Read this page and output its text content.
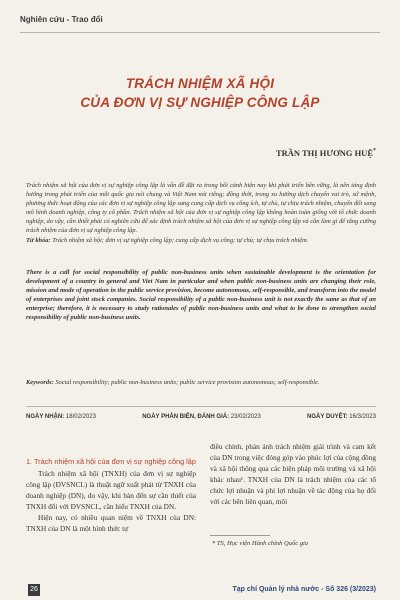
Nghiên cứu - Trao đổi
TRÁCH NHIỆM XÃ HỘI
CỦA ĐƠN VỊ SỰ NGHIỆP CÔNG LẬP
TRẦN THỊ HƯƠNG HUỆ*

Trách nhiệm xã hội của đơn vị sự nghiệp công lập là vấn đề đặt ra trong bối cảnh hiện nay khi phát triển bền vững, là nền tảng định hướng trong phát triển của mỗi quốc gia nói chung và Việt Nam nói riêng; đồng thời, trong xu hướng dịch chuyển vai trò, sứ mệnh, phương thức hoạt động của các đơn vị sự nghiệp công lập sang cung cấp dịch vụ công ích, tự chủ, tự chịu trách nhiệm, chuyển đổi sang mô hình doanh nghiệp, công ty cổ phần. Trách nhiệm xã hội của đơn vị sự nghiệp công lập không hoàn toàn giống với tổ chức doanh nghiệp, do vậy, cần thiết phải có nghiên cứu để xác định trách nhiệm xã hội của đơn vị sự nghiệp công lập và cần làm gì để tăng cường trách nhiệm của đơn vị sự nghiệp công lập.

Từ khóa: Trách nhiệm xã hội; đơn vị sự nghiệp công lập; cung cấp dịch vụ công; tự chủ; tự chịu trách nhiệm.

There is a call for social responsibility of public non-business units when sustainable development is the orientation for development of a country in general and Viet Nam in particular and when public non-business units are changing their role, mission and mode of operation in the public service provision, become autonomous, self-responsible, and transform into the model of enterprises and joint stock companies. Social responsibility of a public non-business unit is not exactly the same as that of an enterprise; therefore, it is necessary to study rationales of public non-business units and what to be done to strengthen social responsibility of public non-business units.
Keywords: Social responsibility; public non-business units; public service provision autonomous; self-responsible.
NGÀY NHẬN: 18/02/2023	NGÀY PHẢN BIỆN, ĐÁNH GIÁ: 23/02/2023	NGÀY DUYỆT: 16/3/2023
1. Trách nhiệm xã hội của đơn vị sự nghiệp công lập

Trách nhiệm xã hội (TNXH) của đơn vị sự nghiệp công lập (ĐVSNCL) là thuật ngữ xuất phát từ TNXH của doanh nghiệp (DN), do vậy, khi bàn đến sự cần thiết của TNXH đối với ĐVSNCL, cần hiểu TNXH của DN.

Hiện nay, có nhiều quan niệm về TNXH của DN: TNXH của DN là một hình thức tự

điều chỉnh, phản ánh trách nhiệm giải trình và cam kết của DN trong việc đóng góp vào phúc lợi của cộng đồng và xã hội thông qua các biện pháp môi trường và xã hội khác nhau¹. TNXH của DN là trách nhiệm của các tổ chức lợi nhuận và phi lợi nhuận về tác động của họ đối với các bên liên quan, môi

* TS, Học viện Hành chính Quốc gia
26	Tạp chí Quản lý nhà nước - Số 326 (3/2023)
